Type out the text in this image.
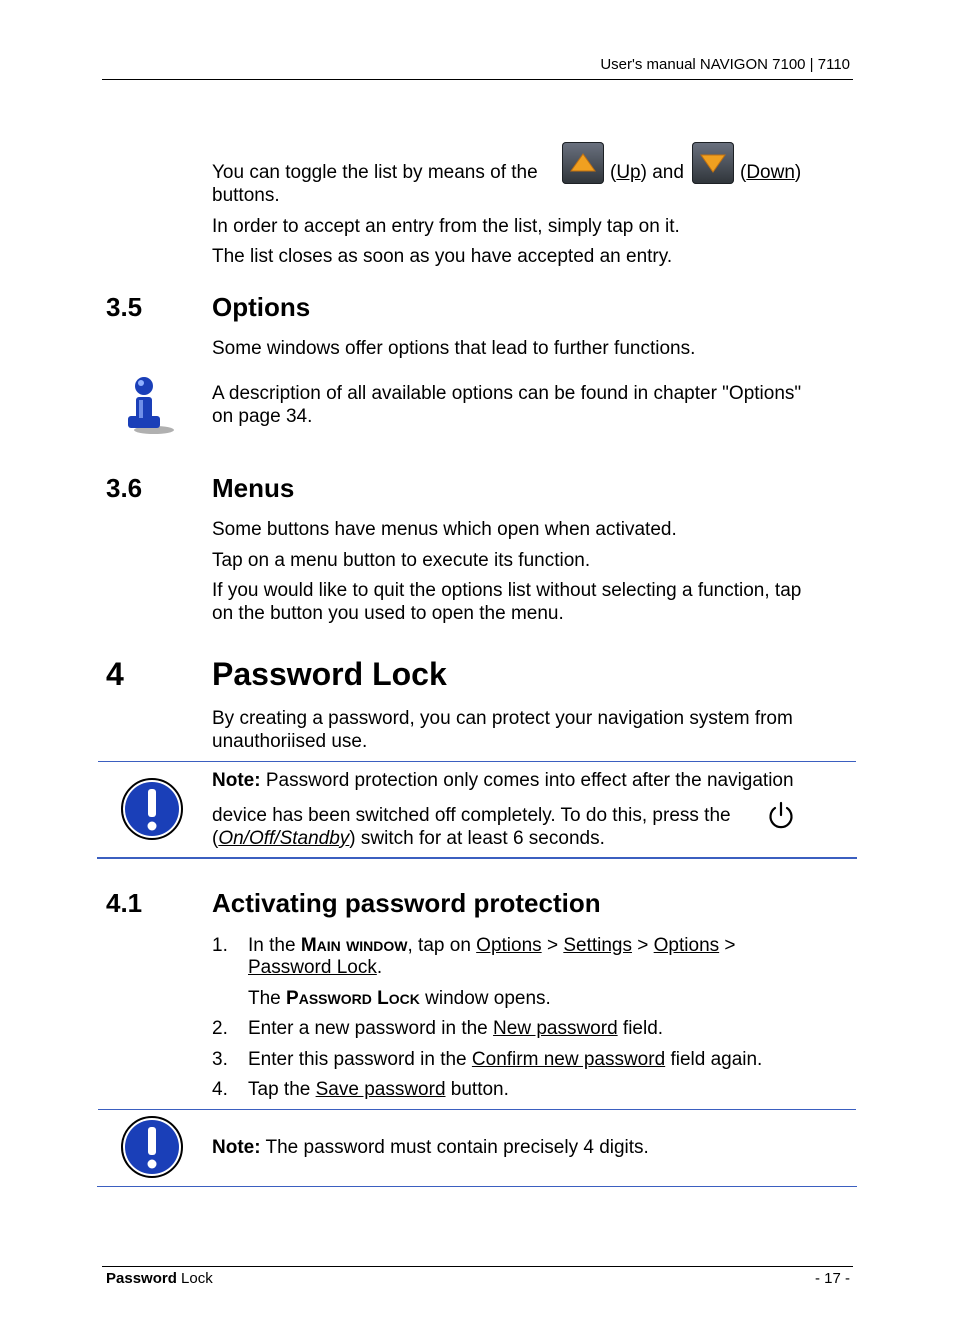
User's manual NAVIGON 7100 | 7110
You can toggle the list by means of the	(Up) and	(Down)
buttons.
In order to accept an entry from the list, simply tap on it.
The list closes as soon as you have accepted an entry.
3.5	Options
Some windows offer options that lead to further functions.
A description of all available options can be found in chapter "Options"
on page 34.
3.6	Menus
Some buttons have menus which open when activated.
Tap on a menu button to execute its function.
If you would like to quit the options list without selecting a function, tap
on the button you used to open the menu.
4	Password Lock
By creating a password, you can protect your navigation system from
unauthoriised use.
Note: Password protection only comes into effect after the navigation
device has been switched off completely. To do this, press the
(On/Off/Standby) switch for at least 6 seconds.
4.1	Activating password protection
1. In the MAIN WINDOW, tap on Options > Settings > Options >
Password Lock.
The PASSWORD LOCK window opens.
2. Enter a new password in the New password field.
3. Enter this password in the Confirm new password field again.
4. Tap the Save password button.
Note: The password must contain precisely 4 digits.
Password Lock	- 17 -
